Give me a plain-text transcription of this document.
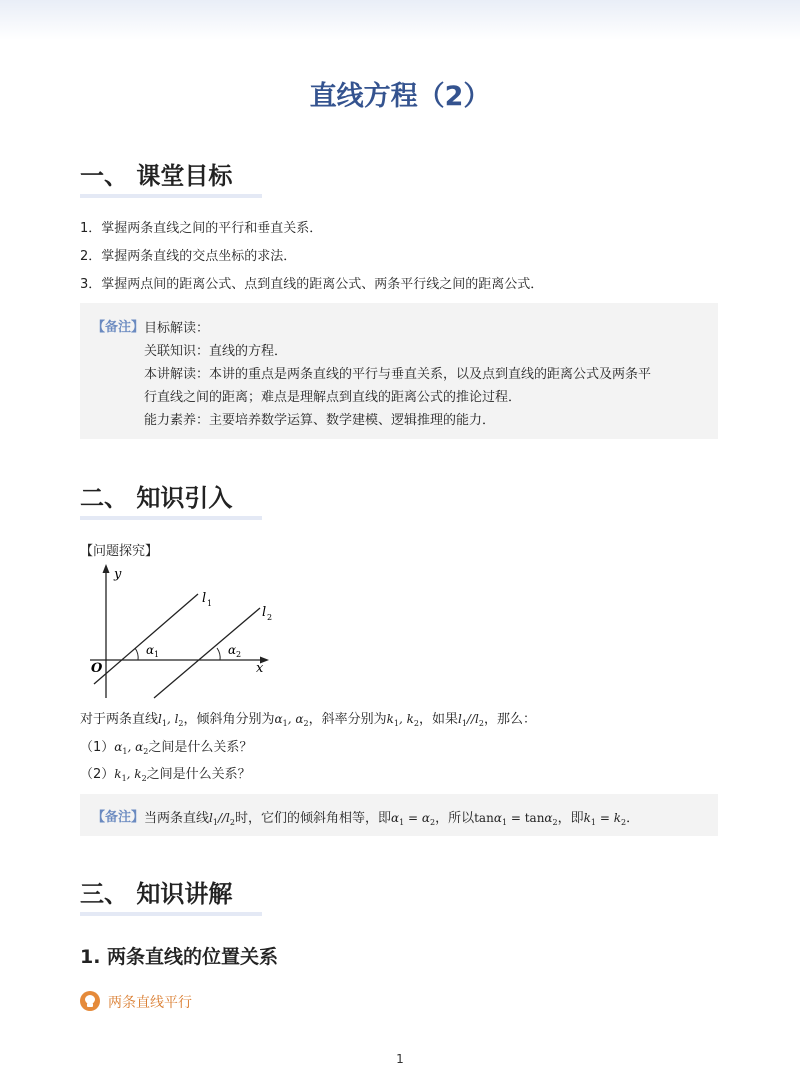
直线方程（2）
一、 课堂目标

1．掌握两条直线之间的平行和垂直关系．

2．掌握两条直线的交点坐标的求法．

3．掌握两点间的距离公式、点到直线的距离公式、两条平行线之间的距离公式．

【备注】 目标解读：
关联知识：直线的方程．
本讲解读：本讲的重点是两条直线的平行与垂直关系，以及点到直线的距离公式及两条平
行直线之间的距离；难点是理解点到直线的距离公式的推论过程．
能力素养：主要培养数学运算、数学建模、逻辑推理的能力．
二、 知识引入

【问题探究】

y
x
O
l 1
l 2
α 1	α 2

对于两条直线$l_1$, $l_2$，倾斜角分别为$\alpha_1$, $\alpha_2$，斜率分别为$k_1$, $k_2$，如果$l_1//l_2$，那么：

$(1)\alpha_1$, $\alpha_2$之间是什么关系？

$(2)k_1$, $k_2$之间是什么关系？

【备注】 当两条直线$l_1//l_2$时，它们的倾斜角相等，即$\alpha_1 = \alpha_2$，所以tanα$_1$ = tanα$_2$，即$k_1 = k_2$．
三、 知识讲解
1. 两条直线的位置关系
两条直线平行
1
